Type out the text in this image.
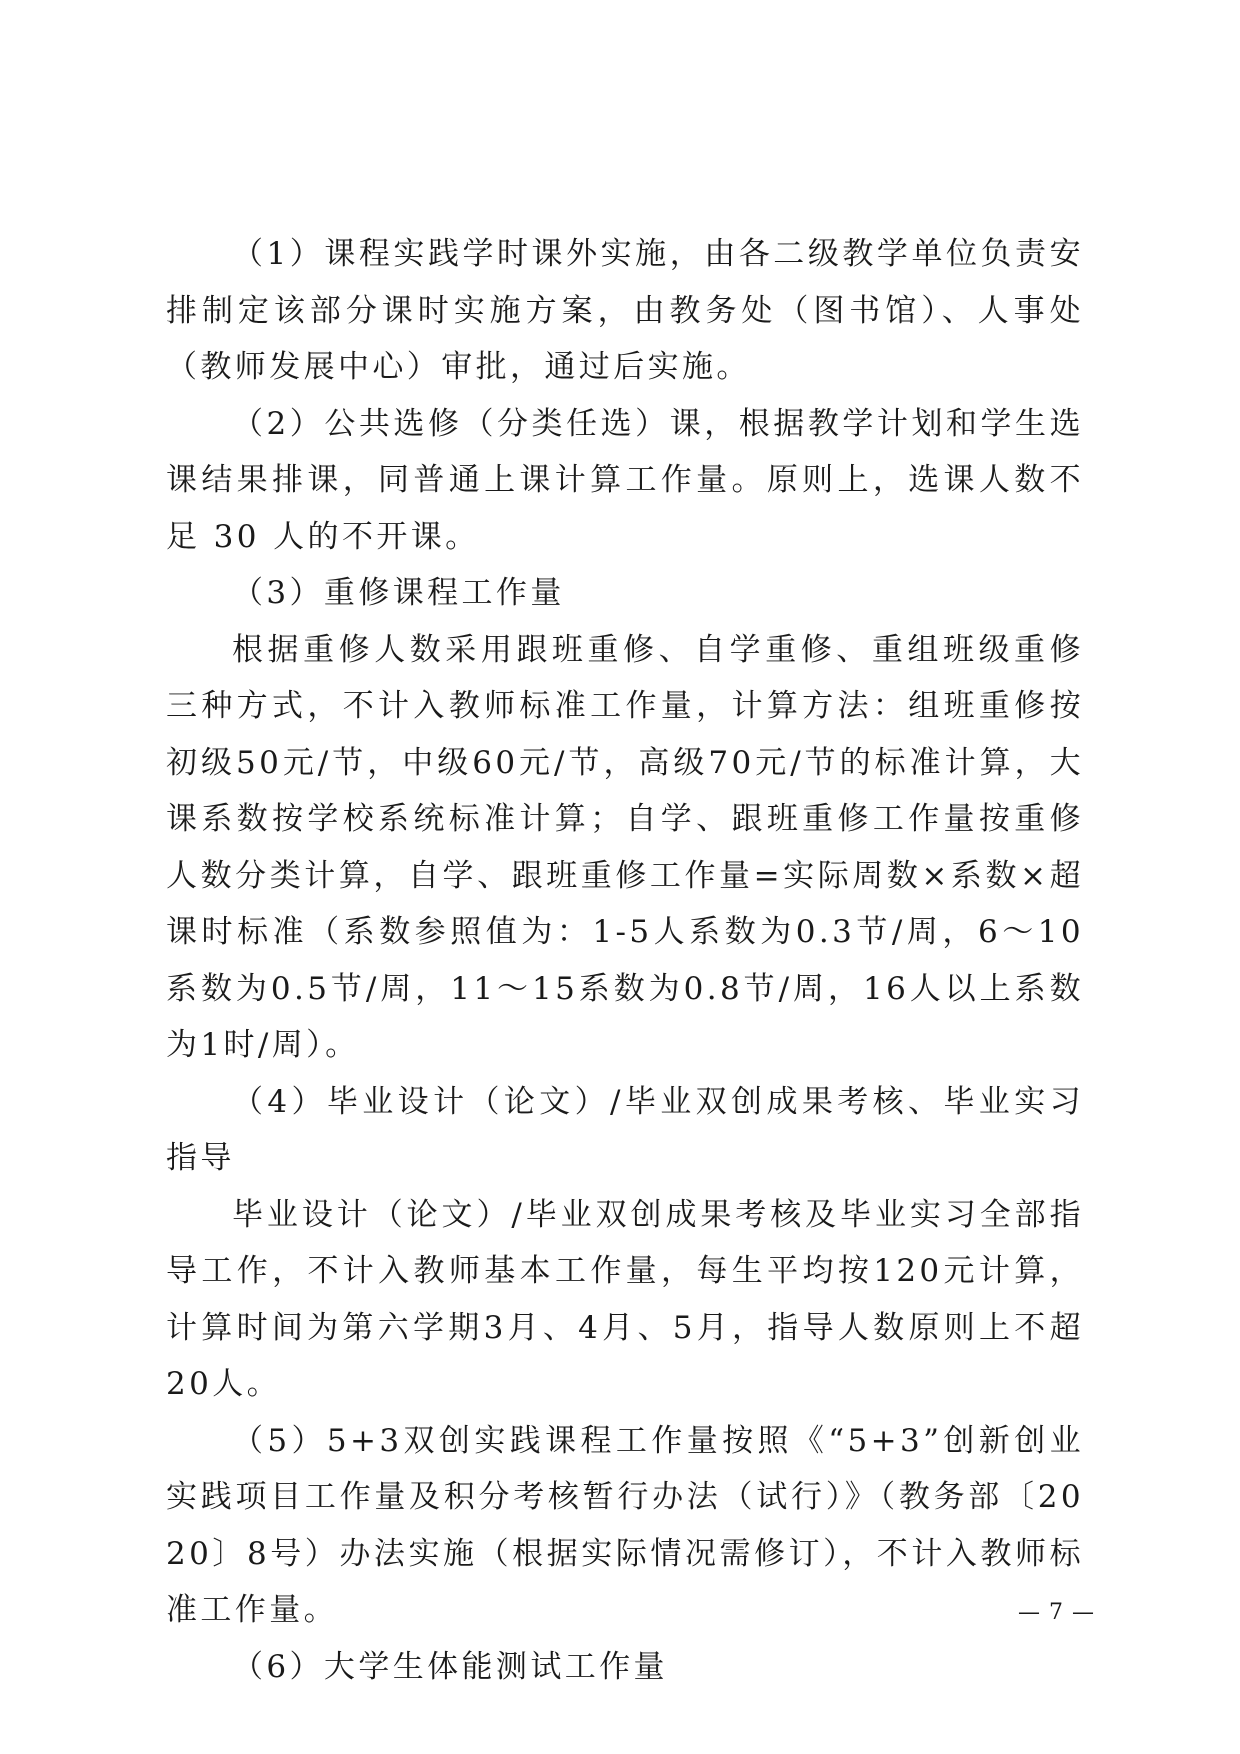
（1）课程实践学时课外实施，由各二级教学单位负责安排制定该部分课时实施方案，由教务处（图书馆）、人事处（教师发展中心）审批，通过后实施。

（2）公共选修（分类任选）课，根据教学计划和学生选课结果排课，同普通上课计算工作量。原则上，选课人数不足 30 人的不开课。

（3）重修课程工作量

根据重修人数采用跟班重修、自学重修、重组班级重修三种方式，不计入教师标准工作量，计算方法：组班重修按初级50元/节，中级60元/节，高级70元/节的标准计算，大课系数按学校系统标准计算；自学、跟班重修工作量按重修人数分类计算，自学、跟班重修工作量=实际周数×系数×超课时标准（系数参照值为：1-5人系数为0.3节/周，6～10系数为0.5节/周，11～15系数为0.8节/周，16人以上系数为1时/周）。

（4）毕业设计（论文）/毕业双创成果考核、毕业实习指导

毕业设计（论文）/毕业双创成果考核及毕业实习全部指导工作，不计入教师基本工作量，每生平均按120元计算，计算时间为第六学期3月、4月、5月，指导人数原则上不超20人。

（5）5+3双创实践课程工作量按照《“5+3”创新创业实践项目工作量及积分考核暂行办法（试行）》（教务部〔2020〕8号）办法实施（根据实际情况需修订），不计入教师标准工作量。

（6）大学生体能测试工作量

— 7 —
